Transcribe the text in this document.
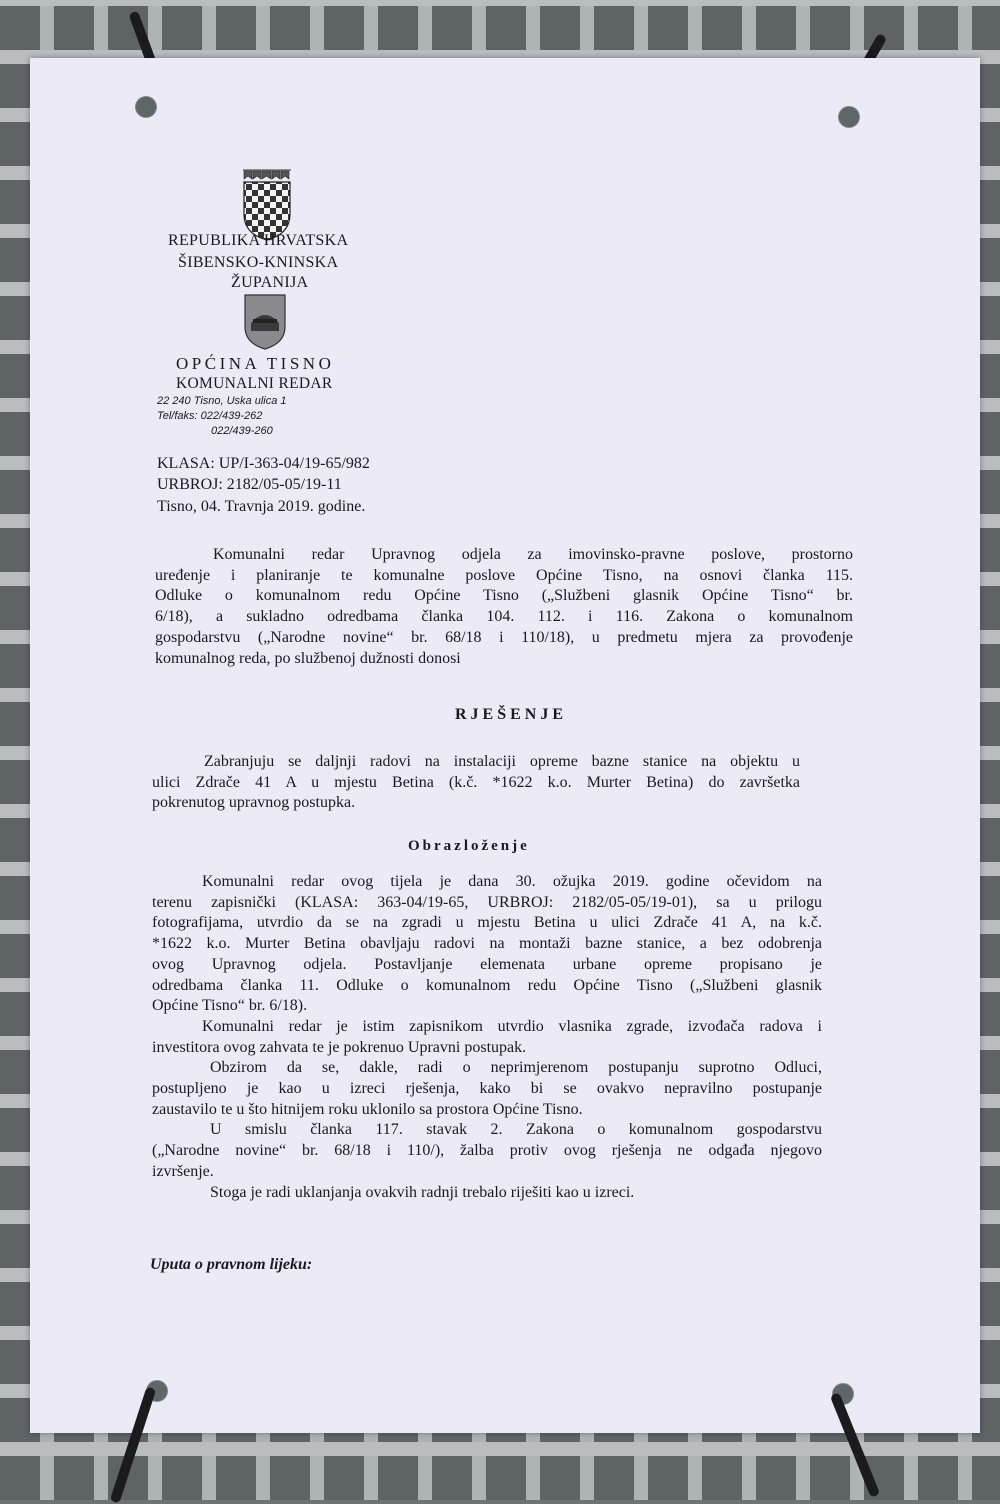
REPUBLIKA HRVATSKA
ŠIBENSKO-KNINSKA
ŽUPANIJA
OPĆINA TISNO
KOMUNALNI REDAR
22 240 Tisno, Uska ulica 1
Tel/faks: 022/439-262
022/439-260
KLASA: UP/I-363-04/19-65/982
URBROJ: 2182/05-05/19-11
Tisno, 04. Travnja 2019. godine.
Komunalni redar Upravnog odjela za imovinsko-pravne poslove, prostorno
uređenje i planiranje te komunalne poslove Općine Tisno, na osnovi članka 115.
Odluke o komunalnom redu Općine Tisno („Službeni glasnik Općine Tisno“ br.
6/18), a sukladno odredbama članka 104. 112. i 116. Zakona o komunalnom
gospodarstvu („Narodne novine“ br. 68/18 i 110/18), u predmetu mjera za provođenje
komunalnog reda, po službenoj dužnosti donosi
RJEŠENJE
Zabranjuju se daljnji radovi na instalaciji opreme bazne stanice na objektu u
ulici Zdrače 41 A u mjestu Betina (k.č. *1622 k.o. Murter Betina) do završetka
pokrenutog upravnog postupka.
Obrazloženje
Komunalni redar ovog tijela je dana 30. ožujka 2019. godine očevidom na
terenu zapisnički (KLASA: 363-04/19-65, URBROJ: 2182/05-05/19-01), sa u prilogu
fotografijama, utvrdio da se na zgradi u mjestu Betina u ulici Zdrače 41 A, na k.č.
*1622 k.o. Murter Betina obavljaju radovi na montaži bazne stanice, a bez odobrenja
ovog Upravnog odjela. Postavljanje elemenata urbane opreme propisano je
odredbama članka 11. Odluke o komunalnom redu Općine Tisno („Službeni glasnik
Općine Tisno“ br. 6/18).
Komunalni redar je istim zapisnikom utvrdio vlasnika zgrade, izvođača radova i
investitora ovog zahvata te je pokrenuo Upravni postupak.
Obzirom da se, dakle, radi o neprimjerenom postupanju suprotno Odluci,
postupljeno je kao u izreci rješenja, kako bi se ovakvo nepravilno postupanje
zaustavilo te u što hitnijem roku uklonilo sa prostora Općine Tisno.
U smislu članka 117. stavak 2. Zakona o komunalnom gospodarstvu
(„Narodne novine“ br. 68/18 i 110/), žalba protiv ovog rješenja ne odgađa njegovo
izvršenje.
Stoga je radi uklanjanja ovakvih radnji trebalo riješiti kao u izreci.
Uputa o pravnom lijeku:
